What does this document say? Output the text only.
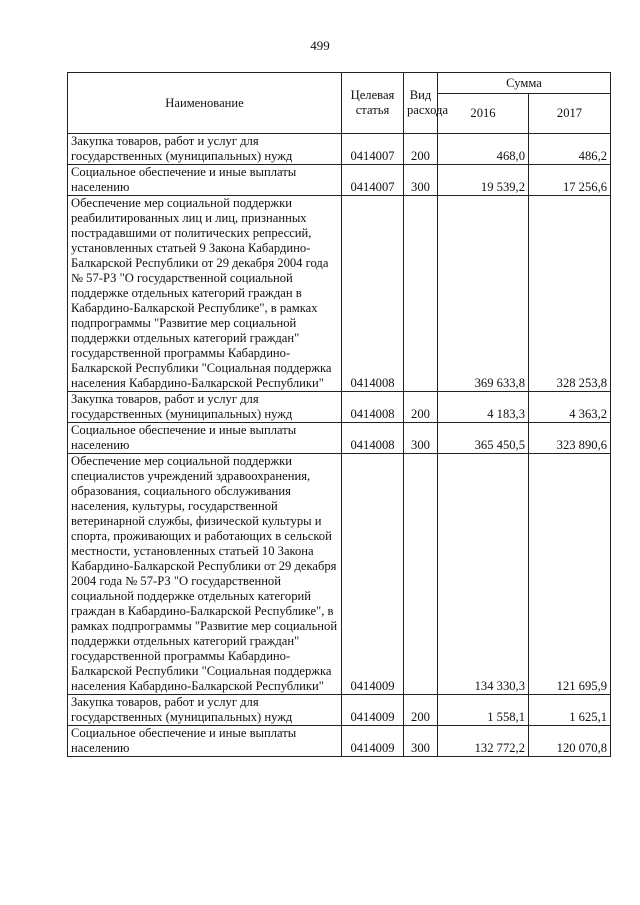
499
Наименование	Целевая статья	Вид расхода	Сумма	
			2016	2017
Закупка товаров, работ и услуг для государственных (муниципальных) нужд	0414007	200	468,0	486,2
Социальное обеспечение и иные выплаты населению	0414007	300	19 539,2	17 256,6
Обеспечение мер социальной поддержки реабилитированных лиц и лиц, признанных пострадавшими от политических репрессий, установленных статьей 9 Закона Кабардино-Балкарской Республики от 29 декабря 2004 года № 57-РЗ "О государственной социальной поддержке отдельных категорий граждан в Кабардино-Балкарской Республике", в рамках подпрограммы "Развитие мер социальной поддержки отдельных категорий граждан" государственной программы Кабардино-Балкарской Республики "Социальная поддержка населения Кабардино-Балкарской Республики"	0414008		369 633,8	328 253,8
Закупка товаров, работ и услуг для государственных (муниципальных) нужд	0414008	200	4 183,3	4 363,2
Социальное обеспечение и иные выплаты населению	0414008	300	365 450,5	323 890,6
Обеспечение мер социальной поддержки специалистов учреждений здравоохранения, образования, социального обслуживания населения, культуры, государственной ветеринарной службы, физической культуры и спорта, проживающих и работающих в сельской местности, установленных статьей 10 Закона Кабардино-Балкарской Республики от 29 декабря 2004 года № 57-РЗ "О государственной социальной поддержке отдельных категорий граждан в Кабардино-Балкарской Республике", в рамках подпрограммы "Развитие мер социальной поддержки отдельных категорий граждан" государственной программы Кабардино-Балкарской Республики "Социальная поддержка населения Кабардино-Балкарской Республики"	0414009		134 330,3	121 695,9
Закупка товаров, работ и услуг для государственных (муниципальных) нужд	0414009	200	1 558,1	1 625,1
Социальное обеспечение и иные выплаты населению	0414009	300	132 772,2	120 070,8
